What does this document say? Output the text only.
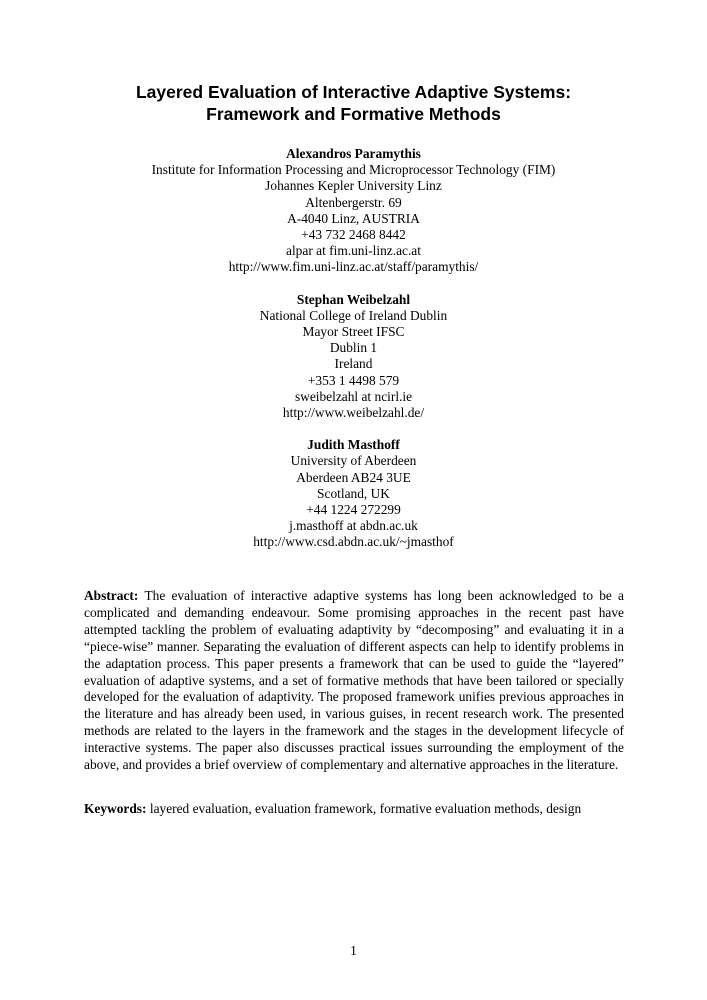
Layered Evaluation of Interactive Adaptive Systems:
Framework and Formative Methods
Alexandros Paramythis
Institute for Information Processing and Microprocessor Technology (FIM)
Johannes Kepler University Linz
Altenbergerstr. 69
A-4040 Linz, AUSTRIA
+43 732 2468 8442
alpar at fim.uni-linz.ac.at
http://www.fim.uni-linz.ac.at/staff/paramythis/
Stephan Weibelzahl
National College of Ireland Dublin
Mayor Street IFSC
Dublin 1
Ireland
+353 1 4498 579
sweibelzahl at ncirl.ie
http://www.weibelzahl.de/
Judith Masthoff
University of Aberdeen
Aberdeen AB24 3UE
Scotland, UK
+44 1224 272299
j.masthoff at abdn.ac.uk
http://www.csd.abdn.ac.uk/~jmasthof
Abstract: The evaluation of interactive adaptive systems has long been acknowledged to be a complicated and demanding endeavour. Some promising approaches in the recent past have attempted tackling the problem of evaluating adaptivity by “decomposing” and evaluating it in a “piece-wise” manner. Separating the evaluation of different aspects can help to identify problems in the adaptation process. This paper presents a framework that can be used to guide the “layered” evaluation of adaptive systems, and a set of formative methods that have been tailored or specially developed for the evaluation of adaptivity. The proposed framework unifies previous approaches in the literature and has already been used, in various guises, in recent research work. The presented methods are related to the layers in the framework and the stages in the development lifecycle of interactive systems. The paper also discusses practical issues surrounding the employment of the above, and provides a brief overview of complementary and alternative approaches in the literature.
Keywords: layered evaluation, evaluation framework, formative evaluation methods, design
1
